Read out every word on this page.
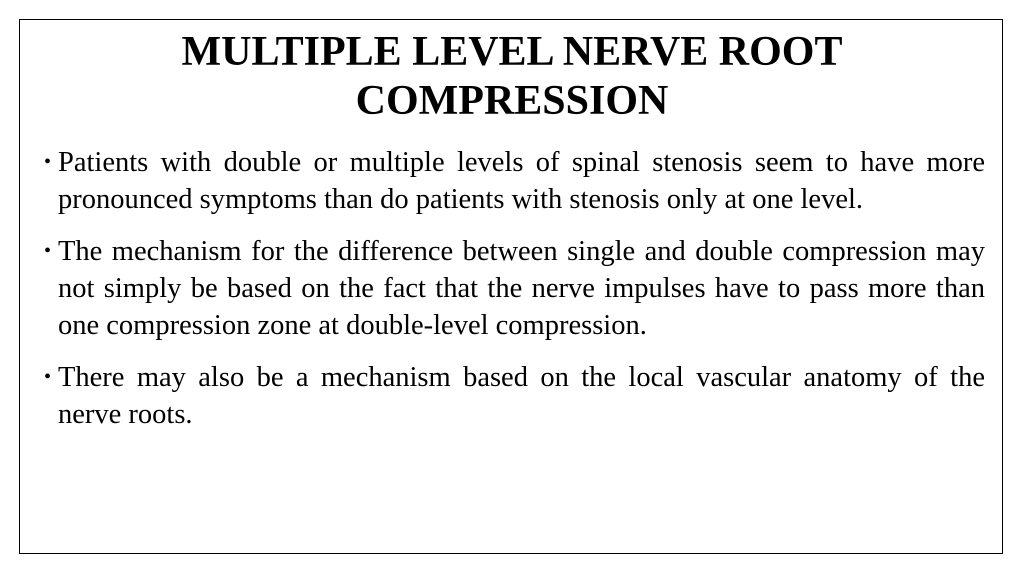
MULTIPLE LEVEL NERVE ROOT
COMPRESSION
• Patients with double or multiple levels of spinal stenosis seem to have more pronounced symptoms than do patients with stenosis only at one level.
• The mechanism for the difference between single and double compression may not simply be based on the fact that the nerve impulses have to pass more than one compression zone at double-level compression.
• There may also be a mechanism based on the local vascular anatomy of the nerve roots.
